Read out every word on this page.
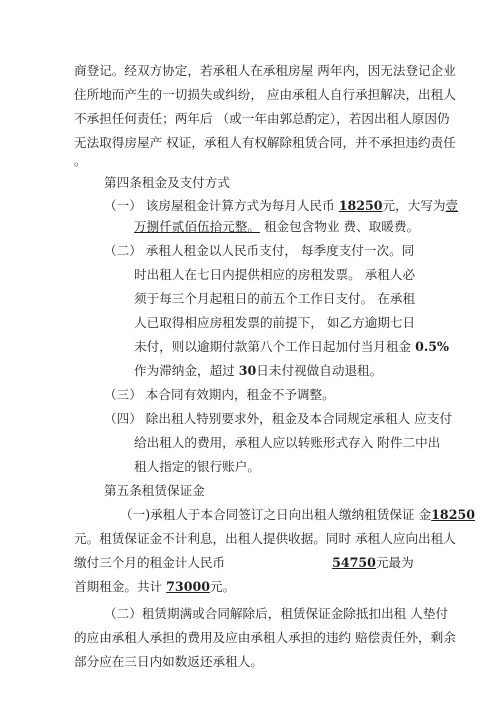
商登记。经双方协定，若承租人在承租房屋 两年内，因无法登记企业
住所地而产生的一切损失或纠纷， 应由承租人自行承担解决，出租人
不承担任何责任；两年后 （或一年由郭总酌定），若因出租人原因仍
无法取得房屋产 权证，承租人有权解除租赁合同，并不承担违约责任
。
第四条租金及支付方式
（一） 该房屋租金计算方式为每月人民币 18250元，大写为壹
万捌仟贰佰伍拾元整。 租金包含物业 费、取暖费。
（二） 承租人租金以人民币支付， 每季度支付一次。同
时出租人在七日内提供相应的房租发票。 承租人必
须于每三个月起租日的前五个工作日支付。 在承租
人已取得相应房租发票的前提下， 如乙方逾期七日
未付，则以逾期付款第八个工作日起加付当月租金 0.5%
作为滞纳金，超过 30日未付视做自动退租。
（三） 本合同有效期内，租金不予调整。
（四） 除出租人特别要求外，租金及本合同规定承租人 应支付
给出租人的费用，承租人应以转账形式存入 附件二中出
租人指定的银行账户。
第五条租赁保证金
（一)承租人于本合同签订之日向出租人缴纳租赁保证 金18250
元。租赁保证金不计利息，出租人提供收据。同时 承租人应向出租人
缴付三个月的租金计人民币	54750元最为
首期租金。共计 73000元。
（二）租赁期满或合同解除后，租赁保证金除抵扣出租 人垫付
的应由承租人承担的费用及应由承租人承担的违约 赔偿责任外，剩余
部分应在三日内如数返还承租人。
